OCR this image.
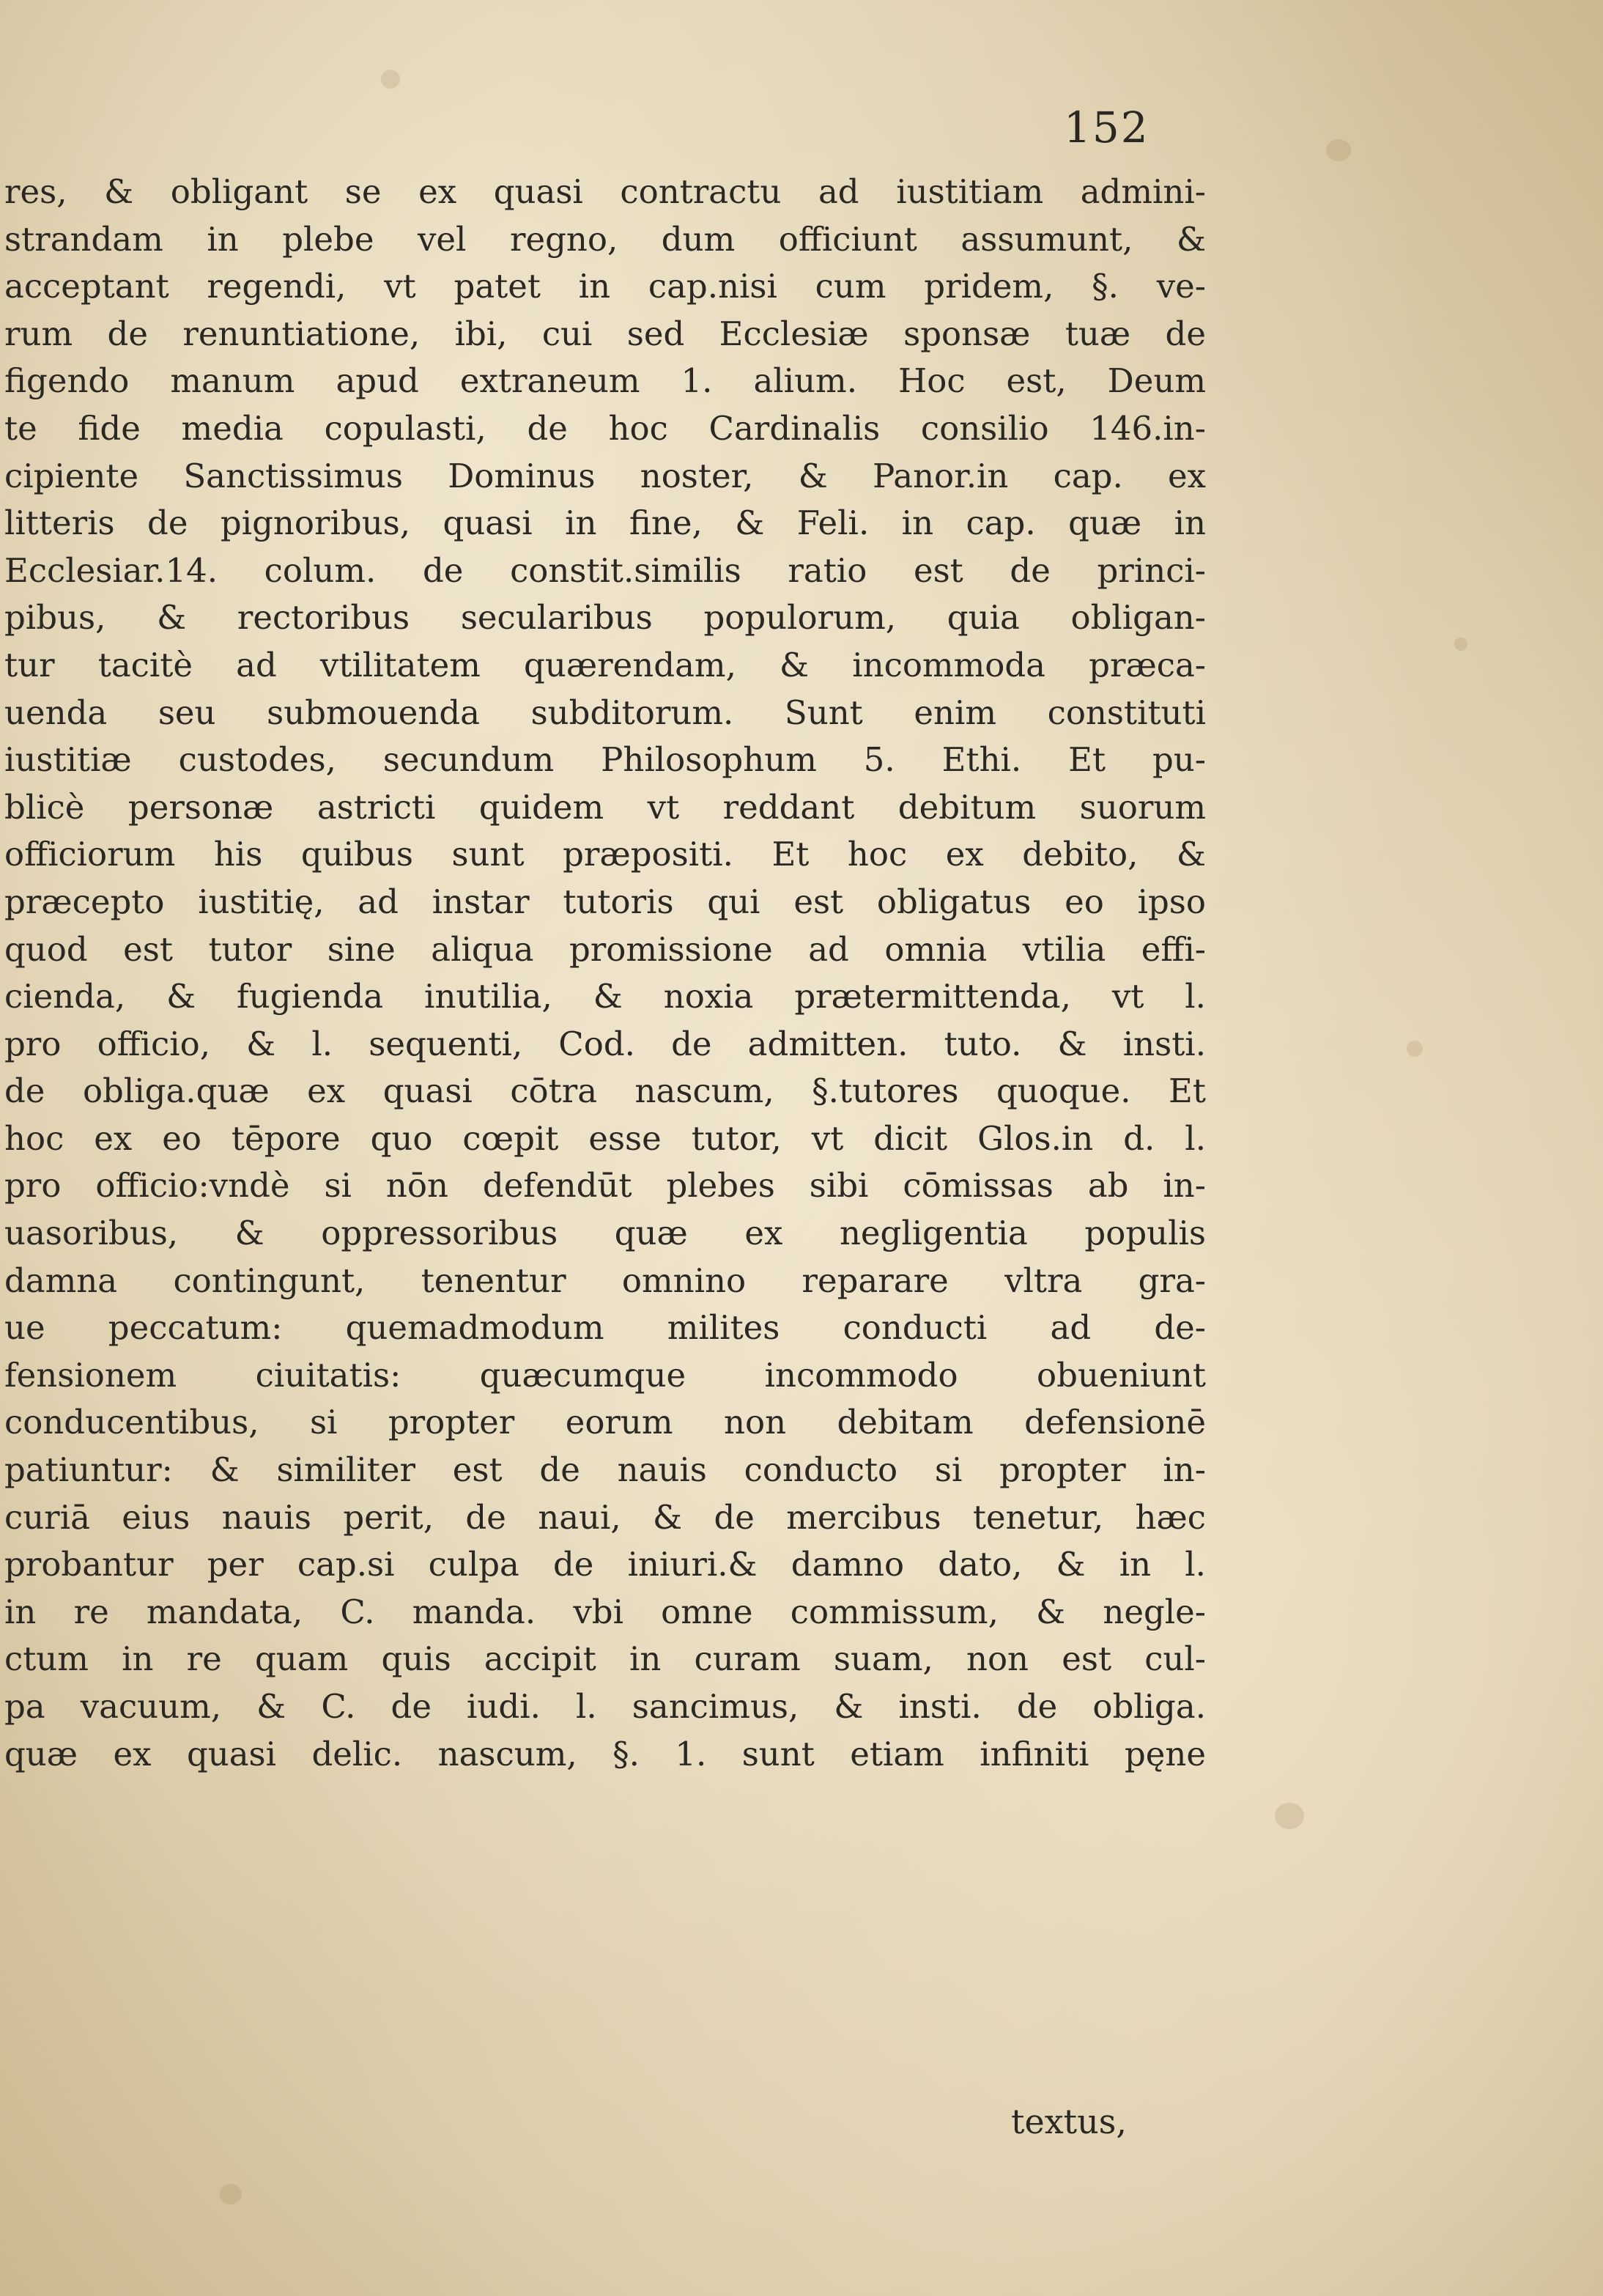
152
res, & obligant se ex quasi contractu ad iustitiam admini-
strandam in plebe vel regno, dum officiunt assumunt, &
acceptant regendi, vt patet in cap.nisi cum pridem, §. ve-
rum de renuntiatione, ibi, cui sed Ecclesiæ sponsæ tuæ de
figendo manum apud extraneum 1. alium. Hoc est, Deum
te fide media copulasti, de hoc Cardinalis consilio 146.in-
cipiente Sanctissimus Dominus noster, & Panor.in cap. ex
litteris de pignoribus, quasi in fine, & Feli. in cap. quæ in
Ecclesiar.14. colum. de constit.similis ratio est de princi-
pibus, & rectoribus secularibus populorum, quia obligan-
tur tacitè ad vtilitatem quærendam, & incommoda præca-
uenda seu submouenda subditorum. Sunt enim constituti
iustitiæ custodes, secundum Philosophum 5. Ethi. Et pu-
blicè personæ astricti quidem vt reddant debitum suorum
officiorum his quibus sunt præpositi. Et hoc ex debito, &
præcepto iustitię, ad instar tutoris qui est obligatus eo ipso
quod est tutor sine aliqua promissione ad omnia vtilia effi-
cienda, & fugienda inutilia, & noxia prætermittenda, vt l.
pro officio, & l. sequenti, Cod. de admitten. tuto. & insti.
de obliga.quæ ex quasi cōtra nascum, §.tutores quoque. Et
hoc ex eo tēpore quo cœpit esse tutor, vt dicit Glos.in d. l.
pro officio:vndè si nōn defendūt plebes sibi cōmissas ab in-
uasoribus, & oppressoribus quæ ex negligentia populis
damna contingunt, tenentur omnino reparare vltra gra-
ue peccatum: quemadmodum milites conducti ad de-
fensionem ciuitatis: quæcumque incommodo obueniunt
conducentibus, si propter eorum non debitam defensionē
patiuntur: & similiter est de nauis conducto si propter in-
curiā eius nauis perit, de naui, & de mercibus tenetur, hæc
probantur per cap.si culpa de iniuri.& damno dato, & in l.
in re mandata, C. manda. vbi omne commissum, & negle-
ctum in re quam quis accipit in curam suam, non est cul-
pa vacuum, & C. de iudi. l. sancimus, & insti. de obliga.
quæ ex quasi delic. nascum, §. 1. sunt etiam infiniti pęne
textus,
